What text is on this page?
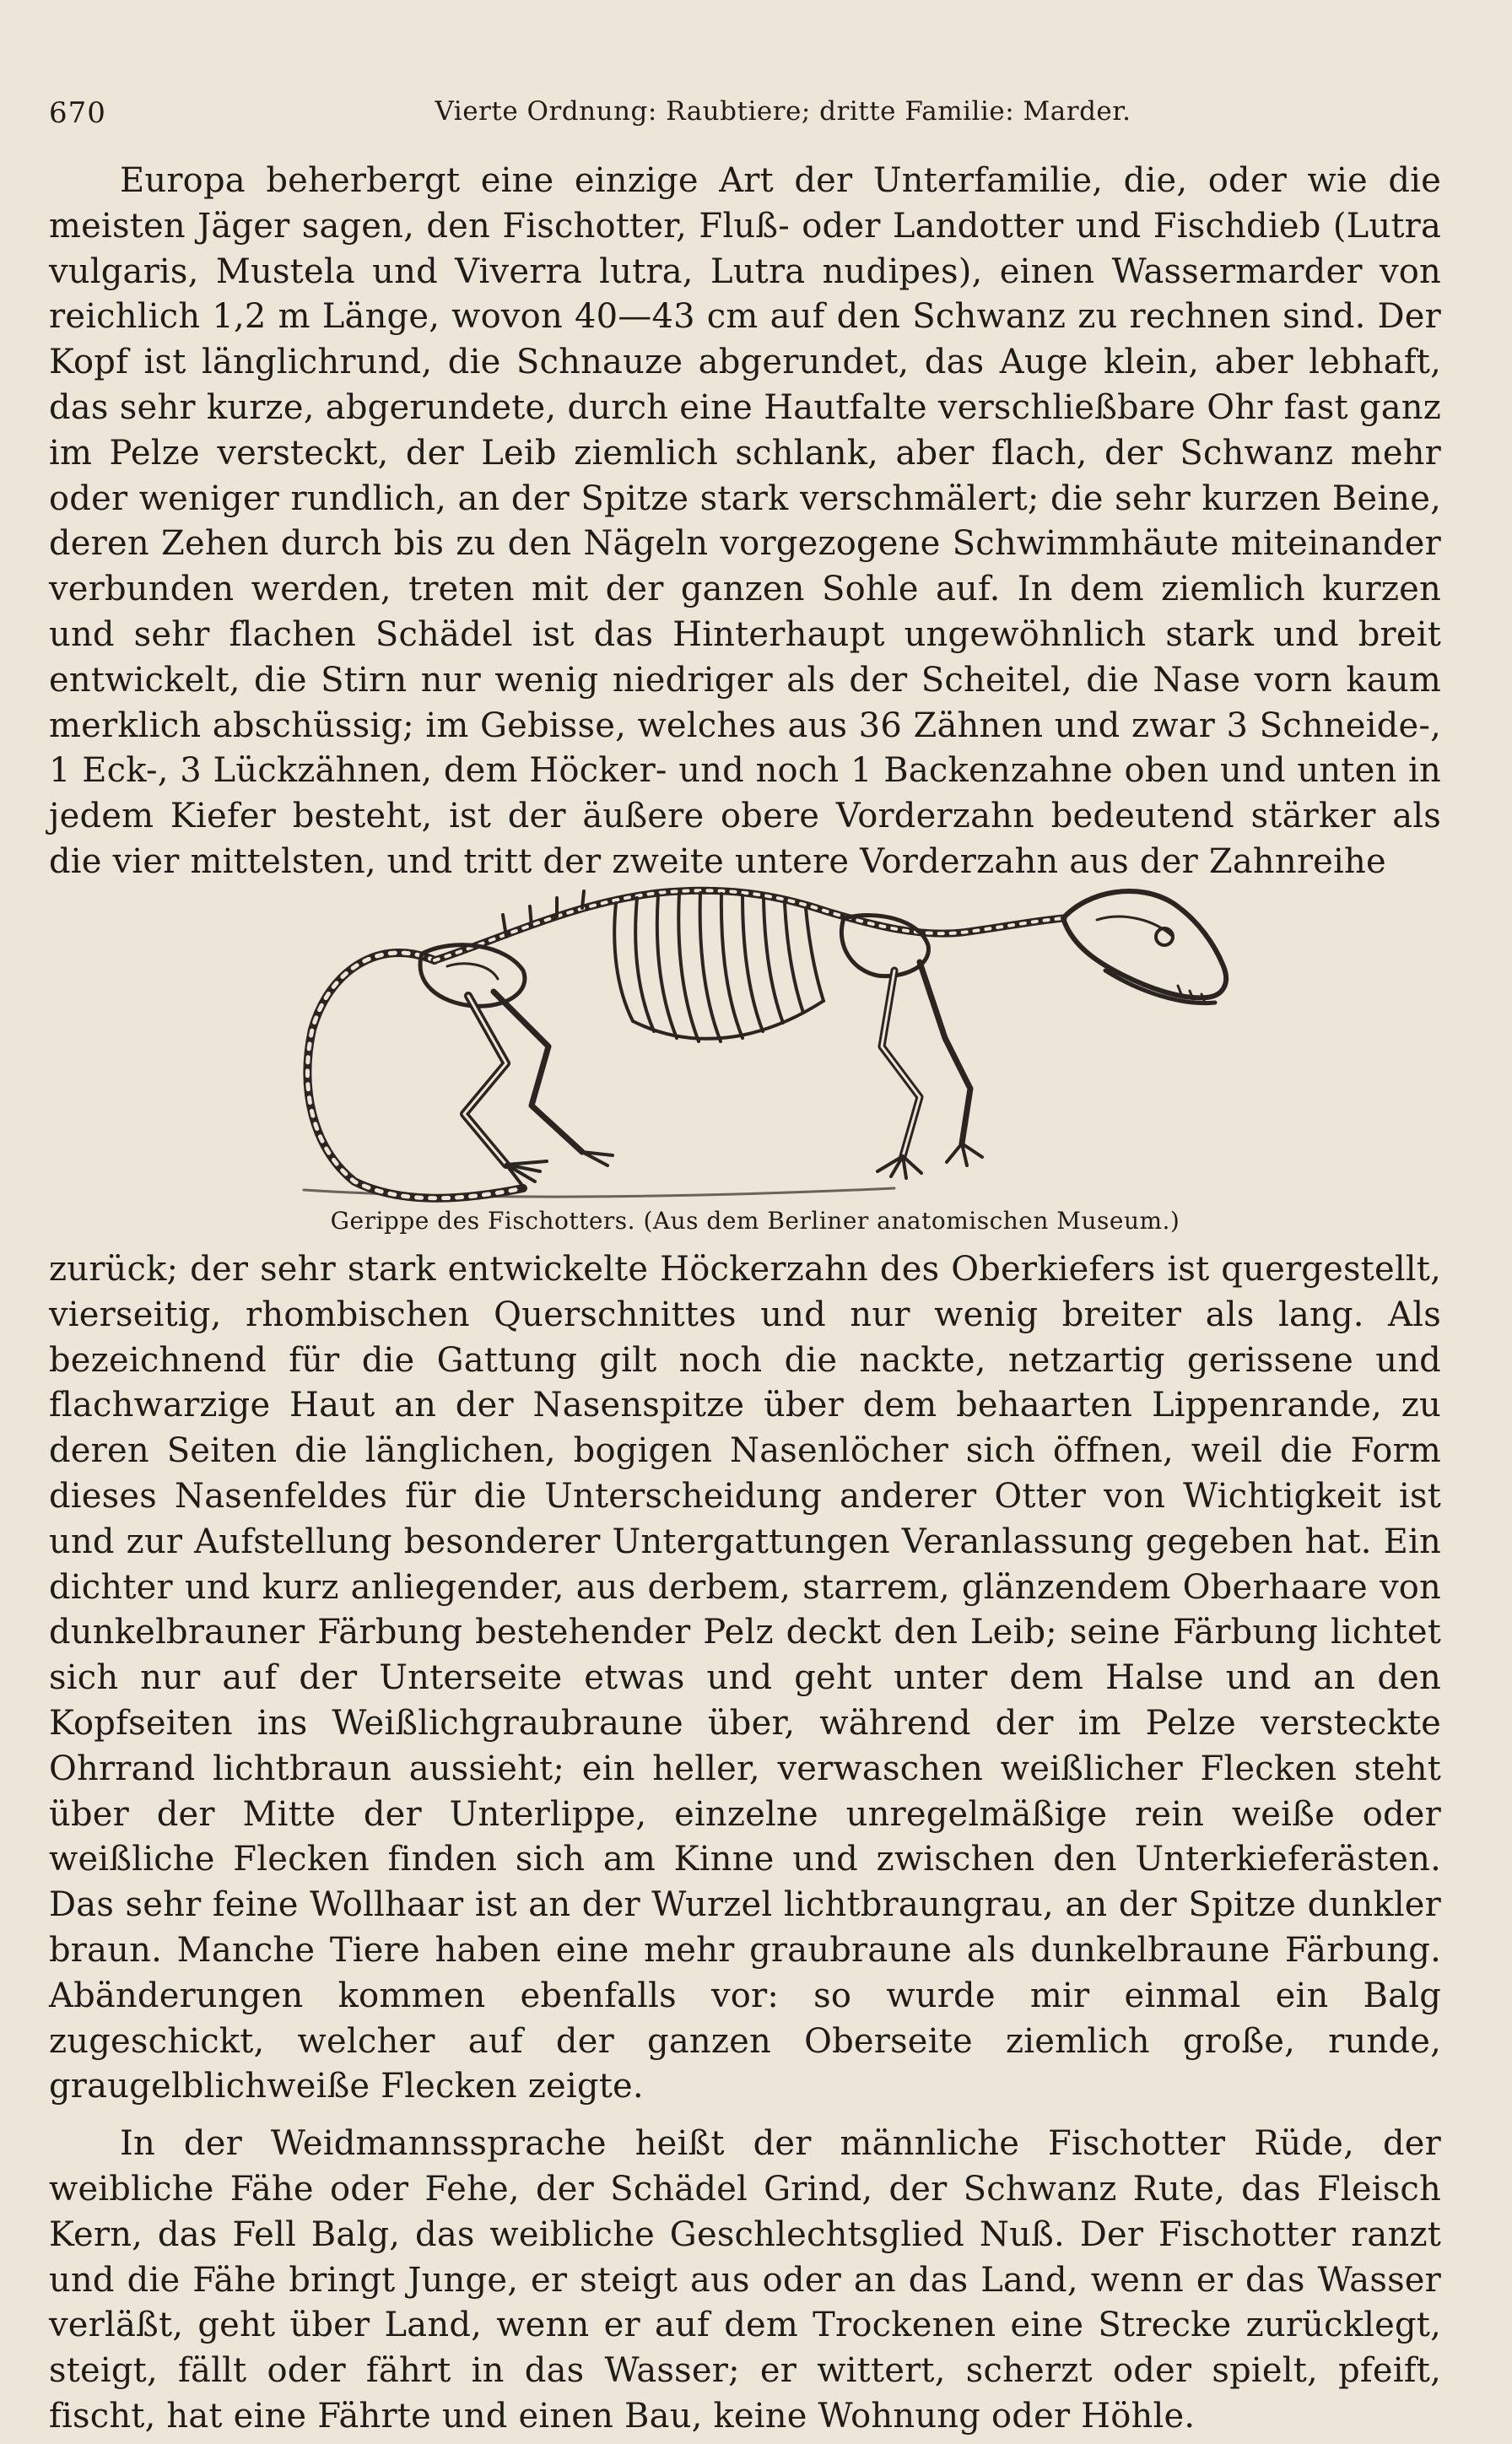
670	Vierte Ordnung: Raubtiere; dritte Familie: Marder.

Europa beherbergt eine einzige Art der Unterfamilie, die, oder wie die meisten Jäger sagen, den Fischotter, Fluß- oder Landotter und Fischdieb (Lutra vulgaris, Mustela und Viverra lutra, Lutra nudipes), einen Wassermarder von reichlich 1,2 m Länge, wovon 40—43 cm auf den Schwanz zu rechnen sind. Der Kopf ist länglichrund, die Schnauze abgerundet, das Auge klein, aber lebhaft, das sehr kurze, abgerundete, durch eine Hautfalte verschließbare Ohr fast ganz im Pelze versteckt, der Leib ziemlich schlank, aber flach, der Schwanz mehr oder weniger rundlich, an der Spitze stark verschmälert; die sehr kurzen Beine, deren Zehen durch bis zu den Nägeln vorgezogene Schwimmhäute miteinander verbunden werden, treten mit der ganzen Sohle auf. In dem ziemlich kurzen und sehr flachen Schädel ist das Hinterhaupt ungewöhnlich stark und breit entwickelt, die Stirn nur wenig niedriger als der Scheitel, die Nase vorn kaum merklich abschüssig; im Gebisse, welches aus 36 Zähnen und zwar 3 Schneide-, 1 Eck-, 3 Lückzähnen, dem Höcker- und noch 1 Backenzahne oben und unten in jedem Kiefer besteht, ist der äußere obere Vorderzahn bedeutend stärker als die vier mittelsten, und tritt der zweite untere Vorderzahn aus der Zahnreihe

Gerippe des Fischotters. (Aus dem Berliner anatomischen Museum.)

zurück; der sehr stark entwickelte Höckerzahn des Oberkiefers ist quergestellt, vierseitig, rhombischen Querschnittes und nur wenig breiter als lang. Als bezeichnend für die Gattung gilt noch die nackte, netzartig gerissene und flachwarzige Haut an der Nasenspitze über dem behaarten Lippenrande, zu deren Seiten die länglichen, bogigen Nasenlöcher sich öffnen, weil die Form dieses Nasenfeldes für die Unterscheidung anderer Otter von Wichtigkeit ist und zur Aufstellung besonderer Untergattungen Veranlassung gegeben hat. Ein dichter und kurz anliegender, aus derbem, starrem, glänzendem Oberhaare von dunkelbrauner Färbung bestehender Pelz deckt den Leib; seine Färbung lichtet sich nur auf der Unterseite etwas und geht unter dem Halse und an den Kopfseiten ins Weißlichgraubraune über, während der im Pelze versteckte Ohrrand lichtbraun aussieht; ein heller, verwaschen weißlicher Flecken steht über der Mitte der Unterlippe, einzelne unregelmäßige rein weiße oder weißliche Flecken finden sich am Kinne und zwischen den Unterkieferästen. Das sehr feine Wollhaar ist an der Wurzel lichtbraungrau, an der Spitze dunkler braun. Manche Tiere haben eine mehr graubraune als dunkelbraune Färbung. Abänderungen kommen ebenfalls vor: so wurde mir einmal ein Balg zugeschickt, welcher auf der ganzen Oberseite ziemlich große, runde, graugelblichweiße Flecken zeigte.

In der Weidmannssprache heißt der männliche Fischotter Rüde, der weibliche Fähe oder Fehe, der Schädel Grind, der Schwanz Rute, das Fleisch Kern, das Fell Balg, das weibliche Geschlechtsglied Nuß. Der Fischotter ranzt und die Fähe bringt Junge, er steigt aus oder an das Land, wenn er das Wasser verläßt, geht über Land, wenn er auf dem Trockenen eine Strecke zurücklegt, steigt, fällt oder fährt in das Wasser; er wittert, scherzt oder spielt, pfeift, fischt, hat eine Fährte und einen Bau, keine Wohnung oder Höhle.
